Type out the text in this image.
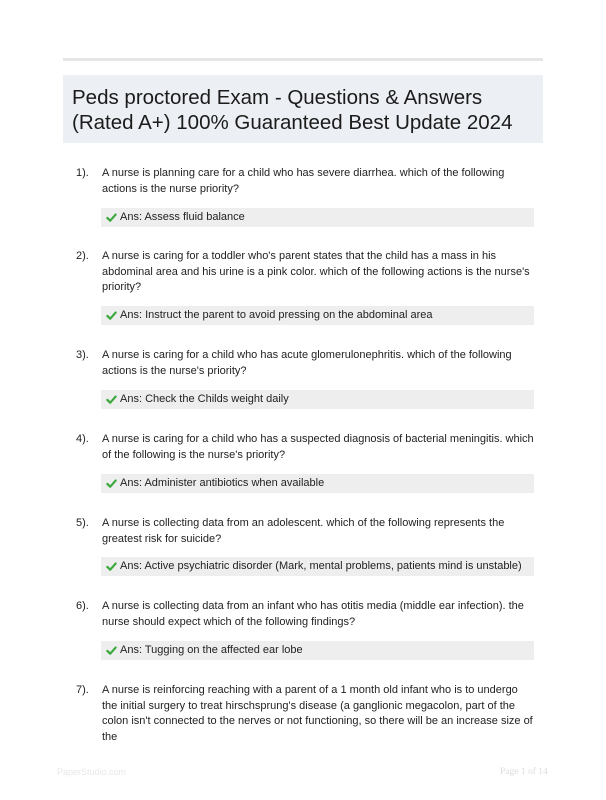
Peds proctored Exam - Questions & Answers (Rated A+) 100% Guaranteed Best Update 2024
1). A nurse is planning care for a child who has severe diarrhea. which of the following actions is the nurse priority?
Ans: Assess fluid balance
2). A nurse is caring for a toddler who's parent states that the child has a mass in his abdominal area and his urine is a pink color. which of the following actions is the nurse's priority?
Ans: Instruct the parent to avoid pressing on the abdominal area
3). A nurse is caring for a child who has acute glomerulonephritis. which of the following actions is the nurse's priority?
Ans: Check the Childs weight daily
4). A nurse is caring for a child who has a suspected diagnosis of bacterial meningitis. which of the following is the nurse's priority?
Ans: Administer antibiotics when available
5). A nurse is collecting data from an adolescent. which of the following represents the greatest risk for suicide?
Ans: Active psychiatric disorder (Mark, mental problems, patients mind is unstable)
6). A nurse is collecting data from an infant who has otitis media (middle ear infection). the nurse should expect which of the following findings?
Ans: Tugging on the affected ear lobe
7). A nurse is reinforcing reaching with a parent of a 1 month old infant who is to undergo the initial surgery to treat hirschsprung's disease (a ganglionic megacolon, part of the colon isn't connected to the nerves or not functioning, so there will be an increase size of the
PaperStudio.com	Page 1 of 14
